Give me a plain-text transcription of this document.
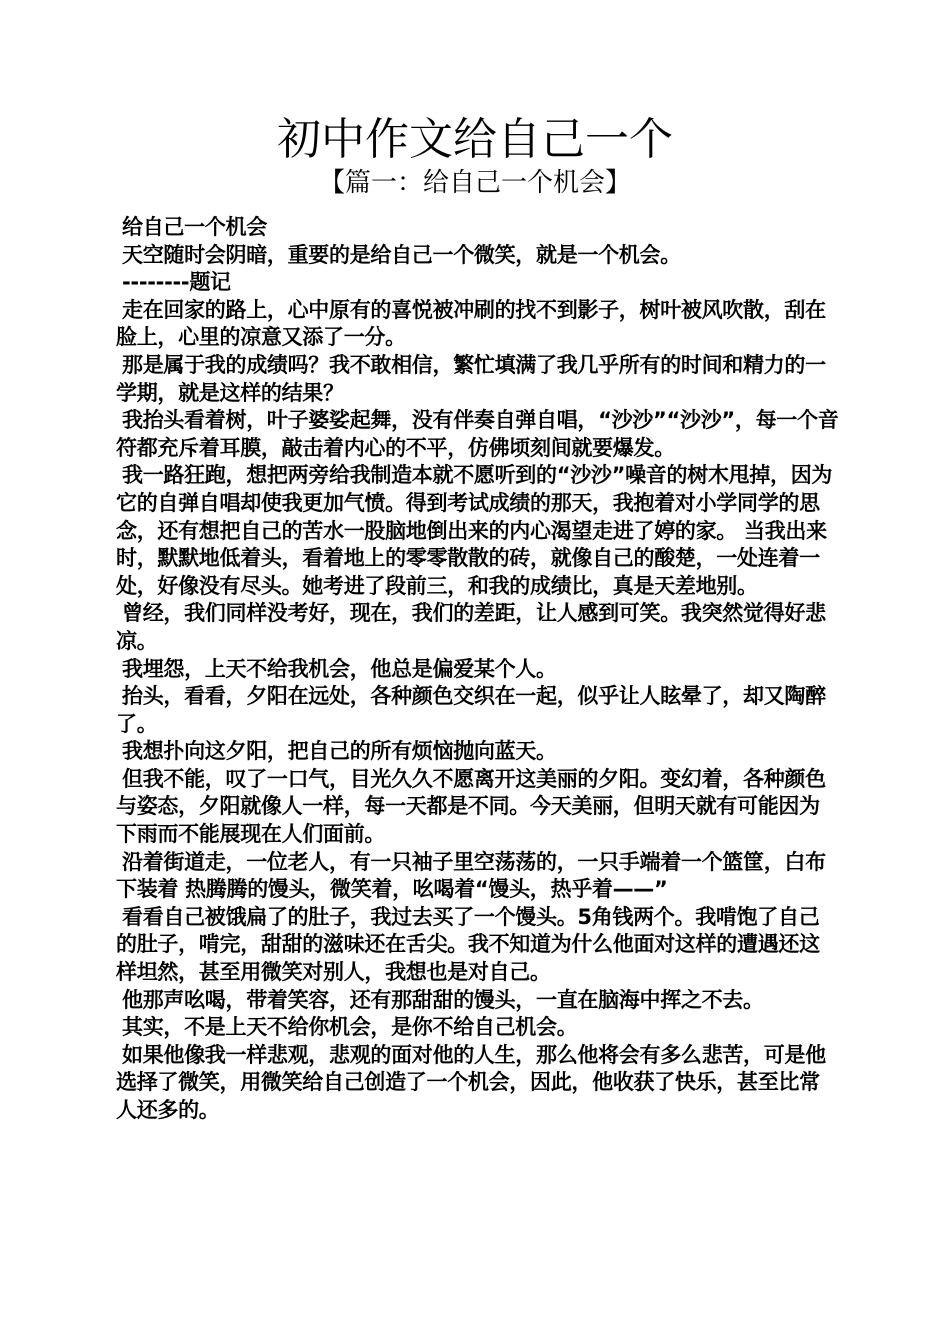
初中作文给自己一个
【篇一：给自己一个机会】

给自己一个机会

天空随时会阴暗，重要的是给自己一个微笑，就是一个机会。

--------题记

走在回家的路上，心中原有的喜悦被冲刷的找不到影子，树叶被风吹散，刮在脸上，心里的凉意又添了一分。

那是属于我的成绩吗？我不敢相信，繁忙填满了我几乎所有的时间和精力的一学期，就是这样的结果？

我抬头看着树，叶子婆娑起舞，没有伴奏自弹自唱，“沙沙”“沙沙”，每一个音符都充斥着耳膜，敲击着内心的不平，仿佛顷刻间就要爆发。

我一路狂跑，想把两旁给我制造本就不愿听到的“沙沙”噪音的树木甩掉，因为它的自弹自唱却使我更加气愤。得到考试成绩的那天，我抱着对小学同学的思念，还有想把自己的苦水一股脑地倒出来的内心渴望走进了婷的家。 当我出来时，默默地低着头，看着地上的零零散散的砖，就像自己的酸楚，一处连着一处，好像没有尽头。她考进了段前三，和我的成绩比，真是天差地别。

曾经，我们同样没考好，现在，我们的差距，让人感到可笑。我突然觉得好悲凉。

我埋怨，上天不给我机会，他总是偏爱某个人。

抬头，看看，夕阳在远处，各种颜色交织在一起，似乎让人眩晕了，却又陶醉了。

我想扑向这夕阳，把自己的所有烦恼抛向蓝天。

但我不能，叹了一口气，目光久久不愿离开这美丽的夕阳。变幻着，各种颜色与姿态，夕阳就像人一样，每一天都是不同。今天美丽，但明天就有可能因为下雨而不能展现在人们面前。

沿着街道走，一位老人，有一只袖子里空荡荡的，一只手端着一个篮筐，白布下装着 热腾腾的馒头，微笑着，吆喝着“馒头，热乎着——”

看看自己被饿扁了的肚子，我过去买了一个馒头。5角钱两个。我啃饱了自己的肚子，啃完，甜甜的滋味还在舌尖。我不知道为什么他面对这样的遭遇还这样坦然，甚至用微笑对别人，我想也是对自己。

他那声吆喝，带着笑容，还有那甜甜的馒头，一直在脑海中挥之不去。

其实，不是上天不给你机会，是你不给自己机会。

如果他像我一样悲观，悲观的面对他的人生，那么他将会有多么悲苦，可是他选择了微笑，用微笑给自己创造了一个机会，因此，他收获了快乐，甚至比常人还多的。
